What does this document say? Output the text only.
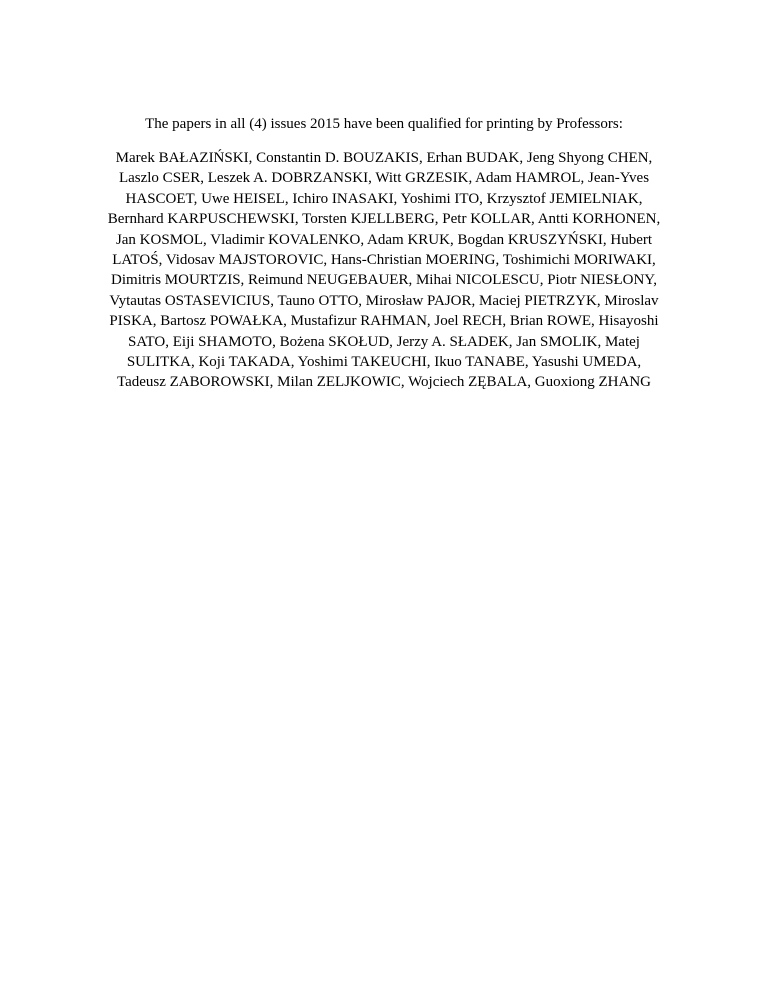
The papers in all (4) issues 2015 have been qualified for printing by Professors:

Marek BAŁAZIŃSKI, Constantin D. BOUZAKIS, Erhan BUDAK, Jeng Shyong CHEN,
Laszlo CSER, Leszek A. DOBRZANSKI, Witt GRZESIK, Adam HAMROL, Jean-Yves
HASCOET, Uwe HEISEL, Ichiro INASAKI, Yoshimi ITO, Krzysztof JEMIELNIAK,
Bernhard KARPUSCHEWSKI, Torsten KJELLBERG, Petr KOLLAR, Antti KORHONEN,
Jan KOSMOL, Vladimir KOVALENKO, Adam KRUK, Bogdan KRUSZYŃSKI, Hubert
LATOŚ, Vidosav MAJSTOROVIC, Hans-Christian MOERING, Toshimichi MORIWAKI,
Dimitris MOURTZIS, Reimund NEUGEBAUER, Mihai NICOLESCU, Piotr NIESŁONY,
Vytautas OSTASEVICIUS, Tauno OTTO, Mirosław PAJOR, Maciej PIETRZYK, Miroslav
PISKA, Bartosz POWAŁKA, Mustafizur RAHMAN, Joel RECH, Brian ROWE, Hisayoshi
SATO, Eiji SHAMOTO, Bożena SKOŁUD, Jerzy A. SŁADEK, Jan SMOLIK, Matej
SULITKA, Koji TAKADA, Yoshimi TAKEUCHI, Ikuo TANABE, Yasushi UMEDA,
Tadeusz ZABOROWSKI, Milan ZELJKOWIC, Wojciech ZĘBALA, Guoxiong ZHANG
